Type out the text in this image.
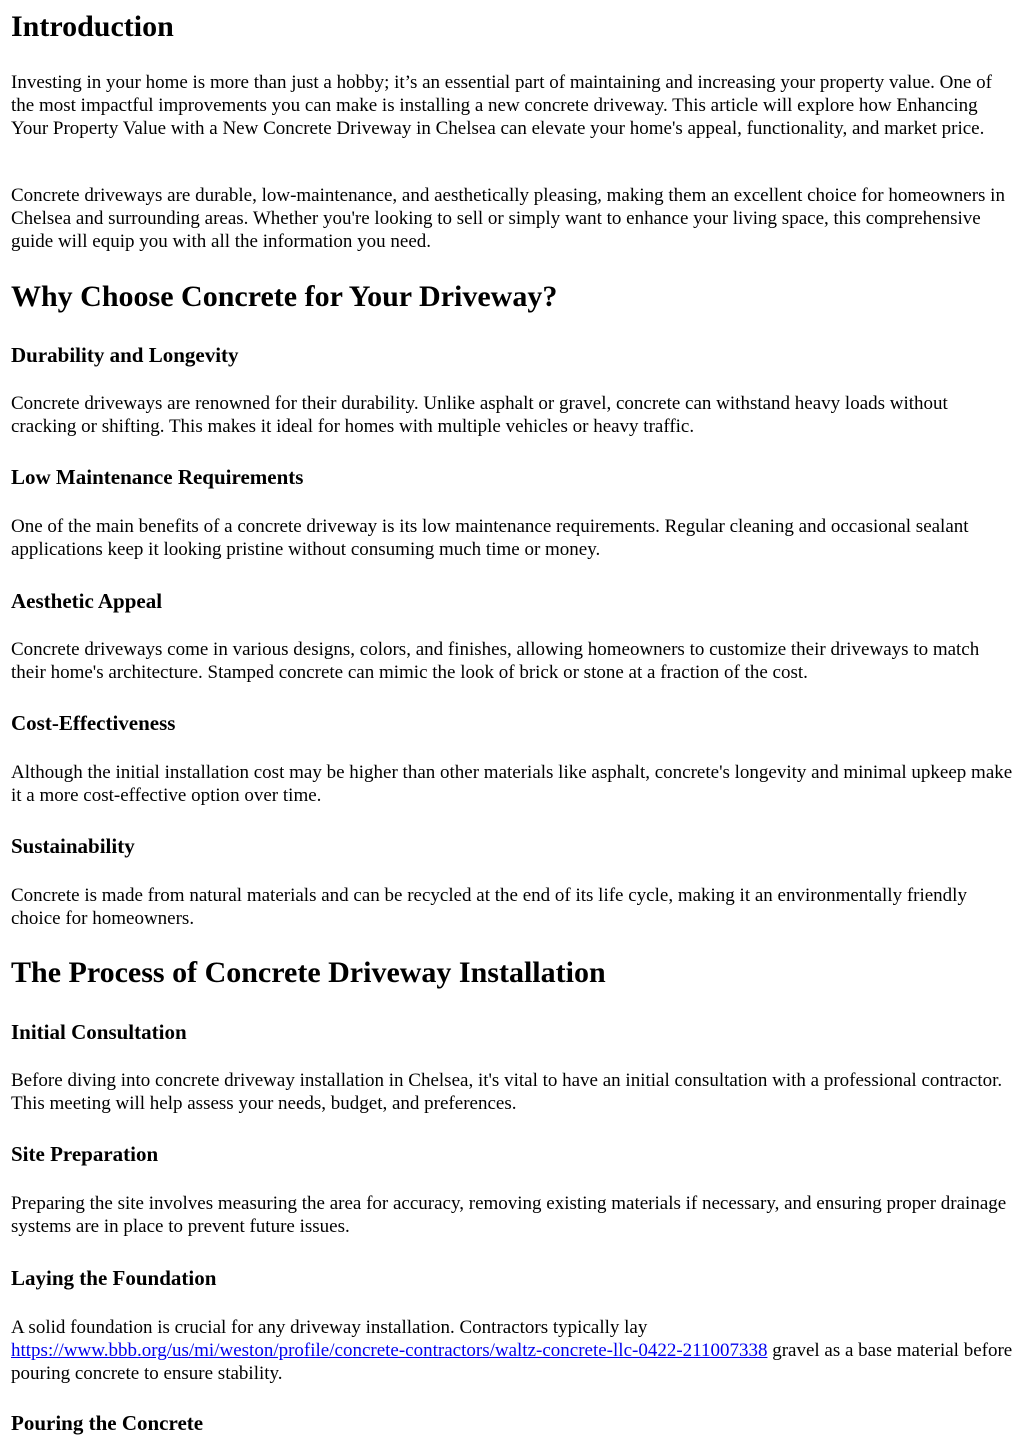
Introduction

Investing in your home is more than just a hobby; it’s an essential part of maintaining and increasing your property value. One of the most impactful improvements you can make is installing a new concrete driveway. This article will explore how Enhancing Your Property Value with a New Concrete Driveway in Chelsea can elevate your home's appeal, functionality, and market price.

Concrete driveways are durable, low-maintenance, and aesthetically pleasing, making them an excellent choice for homeowners in Chelsea and surrounding areas. Whether you're looking to sell or simply want to enhance your living space, this comprehensive guide will equip you with all the information you need.

Why Choose Concrete for Your Driveway?
Durability and Longevity

Concrete driveways are renowned for their durability. Unlike asphalt or gravel, concrete can withstand heavy loads without cracking or shifting. This makes it ideal for homes with multiple vehicles or heavy traffic.

Low Maintenance Requirements

One of the main benefits of a concrete driveway is its low maintenance requirements. Regular cleaning and occasional sealant applications keep it looking pristine without consuming much time or money.

Aesthetic Appeal

Concrete driveways come in various designs, colors, and finishes, allowing homeowners to customize their driveways to match their home's architecture. Stamped concrete can mimic the look of brick or stone at a fraction of the cost.

Cost-Effectiveness

Although the initial installation cost may be higher than other materials like asphalt, concrete's longevity and minimal upkeep make it a more cost-effective option over time.

Sustainability

Concrete is made from natural materials and can be recycled at the end of its life cycle, making it an environmentally friendly choice for homeowners.

The Process of Concrete Driveway Installation
Initial Consultation

Before diving into concrete driveway installation in Chelsea, it's vital to have an initial consultation with a professional contractor. This meeting will help assess your needs, budget, and preferences.

Site Preparation

Preparing the site involves measuring the area for accuracy, removing existing materials if necessary, and ensuring proper drainage systems are in place to prevent future issues.

Laying the Foundation

A solid foundation is crucial for any driveway installation. Contractors typically lay https://www.bbb.org/us/mi/weston/profile/concrete-contractors/waltz-concrete-llc-0422-211007338 gravel as a base material before pouring concrete to ensure stability.

Pouring the Concrete
